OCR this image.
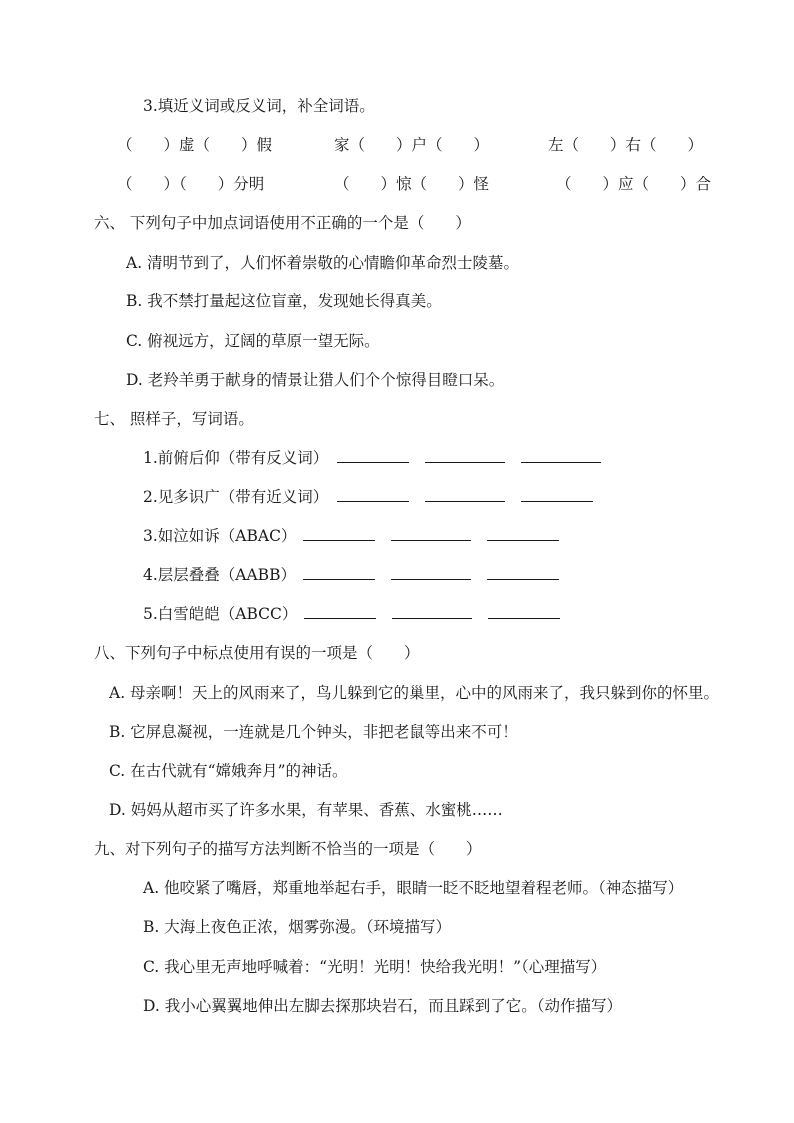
3.填近义词或反义词，补全词语。
（　　）虚（　　）假	家（　　）户（　　）	左（　　）右（　　）
（　　）（　　）分明	（　　）惊（　　）怪	（　　）应（　　）合
六、 下列句子中加点词语使用不正确的一个是（　　）
A. 清明节到了，人们怀着崇敬的心情瞻仰革命烈士陵墓。
B. 我不禁打量起这位盲童，发现她长得真美。
C. 俯视远方，辽阔的草原一望无际。
D. 老羚羊勇于献身的情景让猎人们个个惊得目瞪口呆。
七、 照样子，写词语。
1.前俯后仰（带有反义词）
2.见多识广（带有近义词）
3.如泣如诉（ABAC）
4.层层叠叠（AABB）
5.白雪皑皑（ABCC）
八、下列句子中标点使用有误的一项是（　　）
A. 母亲啊！天上的风雨来了，鸟儿躲到它的巢里，心中的风雨来了，我只躲到你的怀里。
B. 它屏息凝视，一连就是几个钟头，非把老鼠等出来不可！
C. 在古代就有“嫦娥奔月”的神话。
D. 妈妈从超市买了许多水果，有苹果、香蕉、水蜜桃……
九、对下列句子的描写方法判断不恰当的一项是（　　）
A. 他咬紧了嘴唇，郑重地举起右手，眼睛一眨不眨地望着程老师。（神态描写）
B. 大海上夜色正浓，烟雾弥漫。（环境描写）
C. 我心里无声地呼喊着：“光明！光明！快给我光明！”（心理描写）
D. 我小心翼翼地伸出左脚去探那块岩石，而且踩到了它。（动作描写）
